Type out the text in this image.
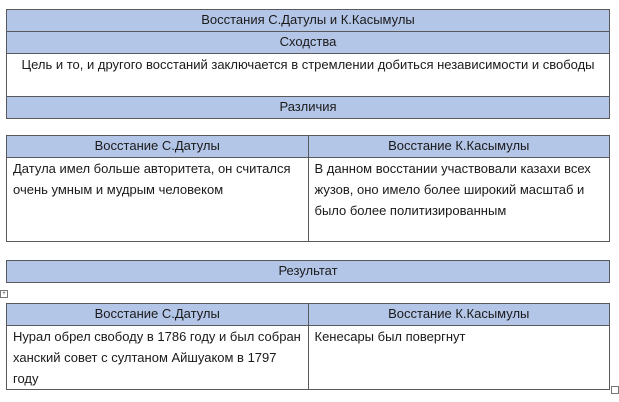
Восстания С.Датулы и К.Касымулы
Сходства
Цель и то, и другого восстаний заключается в стремлении добиться независимости и свободы
Различия
Восстание С.Датулы	Восстание К.Касымулы
Датула имел больше авторитета, он считался очень умным и мудрым человеком	В данном восстании участвовали казахи всех жузов, оно имело более широкий масштаб и было более политизированным
Результат
+
Восстание С.Датулы	Восстание К.Касымулы
Нурал обрел свободу в 1786 году и был собран ханский совет с султаном Айшуаком в 1797 году	Кенесары был повергнут
